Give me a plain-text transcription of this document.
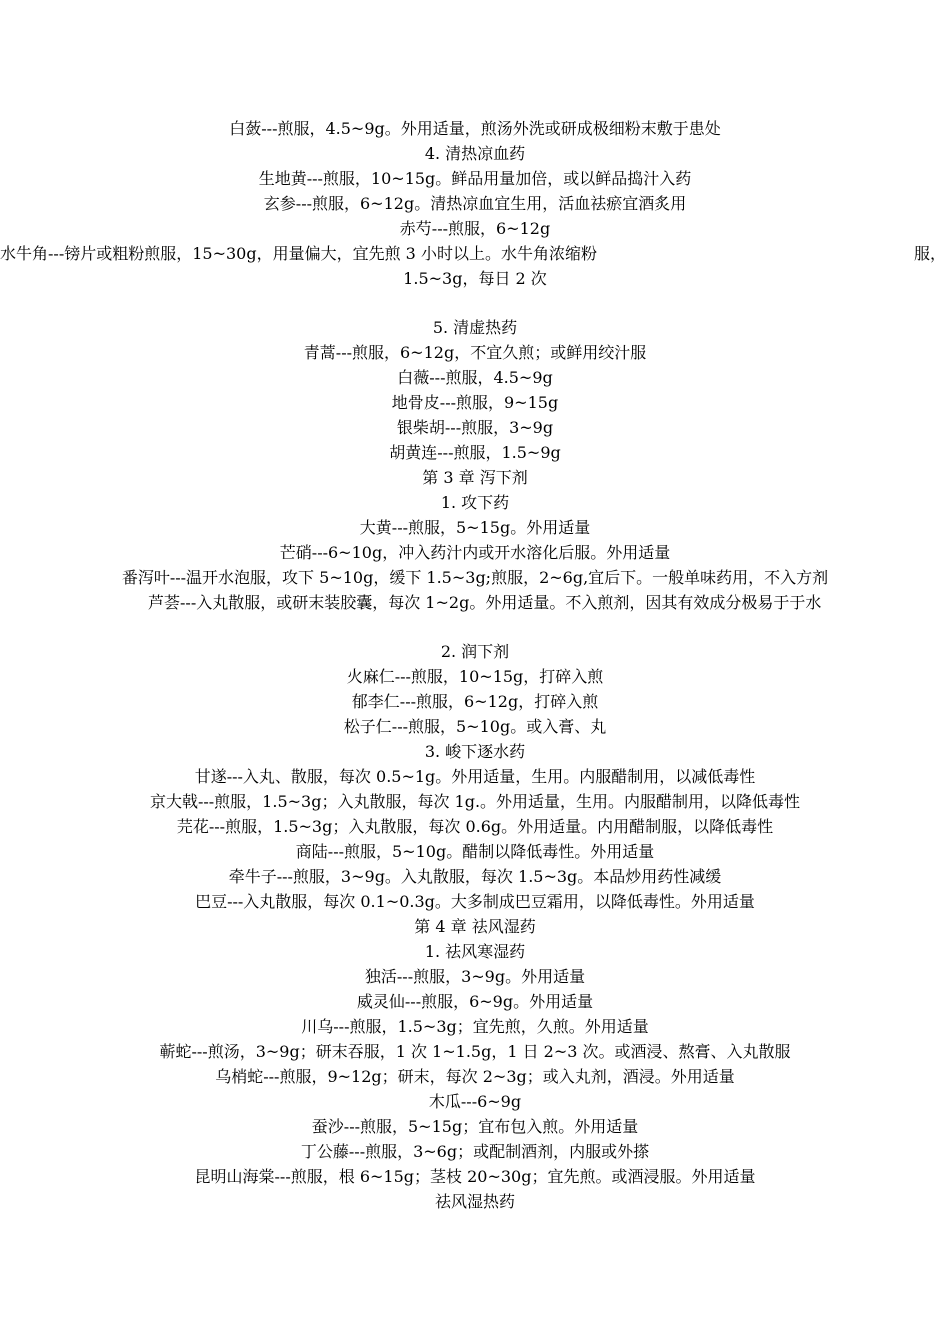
白蔹---煎服，4.5~9g。外用适量，煎汤外洗或研成极细粉末敷于患处
4. 清热凉血药
生地黄---煎服，10~15g。鲜品用量加倍，或以鲜品捣汁入药
玄参---煎服，6~12g。清热凉血宜生用，活血祛瘀宜酒炙用
赤芍---煎服，6~12g
水牛角---镑片或粗粉煎服，15~30g，用量偏大，宜先煎 3 小时以上。水牛角浓缩粉	服，
1.5~3g，每日 2 次
5. 清虚热药
青蒿---煎服，6~12g，不宜久煎；或鲜用绞汁服
白薇---煎服，4.5~9g
地骨皮---煎服，9~15g
银柴胡---煎服，3~9g
胡黄连---煎服，1.5~9g
第 3 章 泻下剂
1. 攻下药
大黄---煎服，5~15g。外用适量
芒硝---6~10g，冲入药汁内或开水溶化后服。外用适量
番泻叶---温开水泡服，攻下 5~10g，缓下 1.5~3g;煎服，2~6g,宜后下。一般单味药用，不入方剂
芦荟---入丸散服，或研末装胶囊，每次 1~2g。外用适量。不入煎剂，因其有效成分极易于于水
2. 润下剂
火麻仁---煎服，10~15g，打碎入煎
郁李仁---煎服，6~12g，打碎入煎
松子仁---煎服，5~10g。或入膏、丸
3. 峻下逐水药
甘遂---入丸、散服，每次 0.5~1g。外用适量，生用。内服醋制用，以减低毒性
京大戟---煎服，1.5~3g；入丸散服，每次 1g.。外用适量，生用。内服醋制用，以降低毒性
芫花---煎服，1.5~3g；入丸散服，每次 0.6g。外用适量。内用醋制服，以降低毒性
商陆---煎服，5~10g。醋制以降低毒性。外用适量
牵牛子---煎服，3~9g。入丸散服，每次 1.5~3g。本品炒用药性减缓
巴豆---入丸散服，每次 0.1~0.3g。大多制成巴豆霜用，以降低毒性。外用适量
第 4 章 祛风湿药
1. 祛风寒湿药
独活---煎服，3~9g。外用适量
威灵仙---煎服，6~9g。外用适量
川乌---煎服，1.5~3g；宜先煎，久煎。外用适量
蕲蛇---煎汤，3~9g；研末吞服，1 次 1~1.5g，1 日 2~3 次。或酒浸、熬膏、入丸散服
乌梢蛇---煎服，9~12g；研末，每次 2~3g；或入丸剂，酒浸。外用适量
木瓜---6~9g
蚕沙---煎服，5~15g；宜布包入煎。外用适量
丁公藤---煎服，3~6g；或配制酒剂，内服或外搽
昆明山海棠---煎服，根 6~15g；茎枝 20~30g；宜先煎。或酒浸服。外用适量
祛风湿热药
